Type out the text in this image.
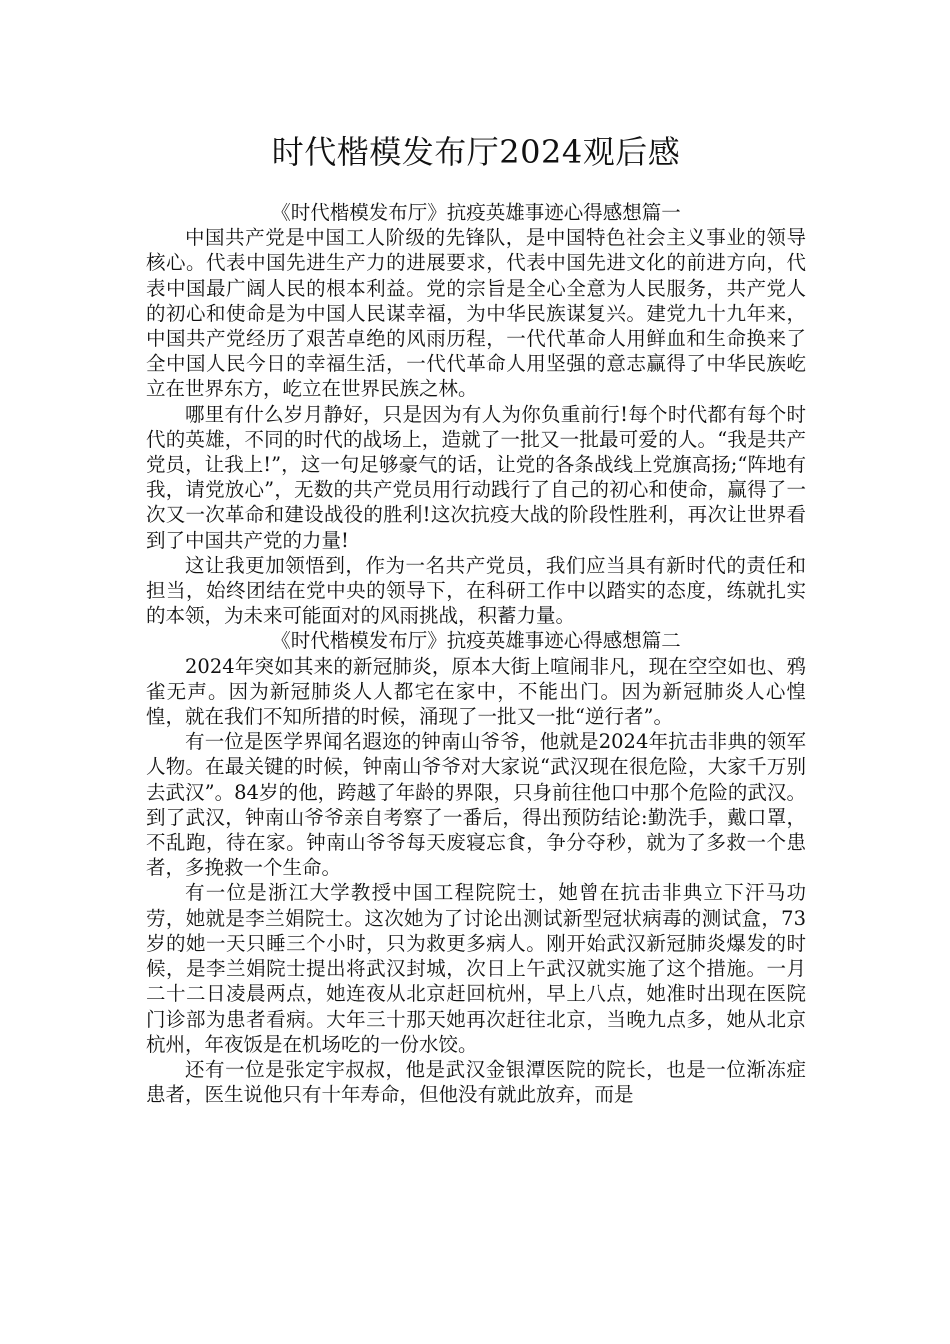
时代楷模发布厅2024观后感

《时代楷模发布厅》抗疫英雄事迹心得感想篇一

中国共产党是中国工人阶级的先锋队，是中国特色社会主义事业的领导核心。代表中国先进生产力的进展要求，代表中国先进文化的前进方向，代表中国最广阔人民的根本利益。党的宗旨是全心全意为人民服务，共产党人的初心和使命是为中国人民谋幸福，为中华民族谋复兴。建党九十九年来，中国共产党经历了艰苦卓绝的风雨历程，一代代革命人用鲜血和生命换来了全中国人民今日的幸福生活，一代代革命人用坚强的意志赢得了中华民族屹立在世界东方，屹立在世界民族之林。

哪里有什么岁月静好，只是因为有人为你负重前行!每个时代都有每个时代的英雄，不同的时代的战场上，造就了一批又一批最可爱的人。“我是共产党员，让我上!”，这一句足够豪气的话，让党的各条战线上党旗高扬;“阵地有我，请党放心”，无数的共产党员用行动践行了自己的初心和使命，赢得了一次又一次革命和建设战役的胜利!这次抗疫大战的阶段性胜利，再次让世界看到了中国共产党的力量!

这让我更加领悟到，作为一名共产党员，我们应当具有新时代的责任和担当，始终团结在党中央的领导下，在科研工作中以踏实的态度，练就扎实的本领，为未来可能面对的风雨挑战，积蓄力量。

《时代楷模发布厅》抗疫英雄事迹心得感想篇二

2024年突如其来的新冠肺炎，原本大街上喧闹非凡，现在空空如也、鸦雀无声。因为新冠肺炎人人都宅在家中，不能出门。因为新冠肺炎人心惶惶，就在我们不知所措的时候，涌现了一批又一批“逆行者”。

有一位是医学界闻名遐迩的钟南山爷爷，他就是2024年抗击非典的领军人物。在最关键的时候，钟南山爷爷对大家说“武汉现在很危险，大家千万别去武汉”。84岁的他，跨越了年龄的界限，只身前往他口中那个危险的武汉。到了武汉，钟南山爷爷亲自考察了一番后，得出预防结论:勤洗手，戴口罩，不乱跑，待在家。钟南山爷爷每天废寝忘食，争分夺秒，就为了多救一个患者，多挽救一个生命。

有一位是浙江大学教授中国工程院院士，她曾在抗击非典立下汗马功劳，她就是李兰娟院士。这次她为了讨论出测试新型冠状病毒的测试盒，73岁的她一天只睡三个小时，只为救更多病人。刚开始武汉新冠肺炎爆发的时候，是李兰娟院士提出将武汉封城，次日上午武汉就实施了这个措施。一月二十二日凌晨两点，她连夜从北京赶回杭州，早上八点，她准时出现在医院门诊部为患者看病。大年三十那天她再次赶往北京，当晚九点多，她从北京杭州，年夜饭是在机场吃的一份水饺。

还有一位是张定宇叔叔，他是武汉金银潭医院的院长，也是一位渐冻症患者，医生说他只有十年寿命，但他没有就此放弃，而是
